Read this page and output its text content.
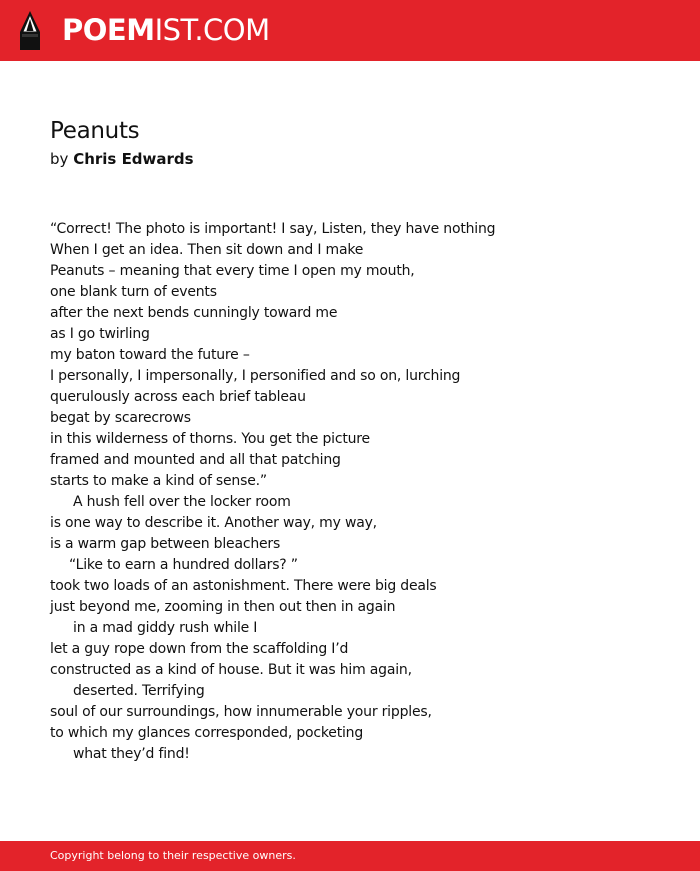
POEMIST.COM
Peanuts
by Chris Edwards
“Correct! The photo is important! I say, Listen, they have nothing
When I get an idea. Then sit down and I make
Peanuts – meaning that every time I open my mouth,
one blank turn of events
after the next bends cunningly toward me
as I go twirling
my baton toward the future –
I personally, I impersonally, I personified and so on, lurching
querulously across each brief tableau
begat by scarecrows
in this wilderness of thorns. You get the picture
framed and mounted and all that patching
starts to make a kind of sense.”
A hush fell over the locker room
is one way to describe it. Another way, my way,
is a warm gap between bleachers
“Like to earn a hundred dollars? ”
took two loads of an astonishment. There were big deals
just beyond me, zooming in then out then in again
in a mad giddy rush while I
let a guy rope down from the scaffolding I’d
constructed as a kind of house. But it was him again,
deserted. Terrifying
soul of our surroundings, how innumerable your ripples,
to which my glances corresponded, pocketing
what they’d find!
Copyright belong to their respective owners.
